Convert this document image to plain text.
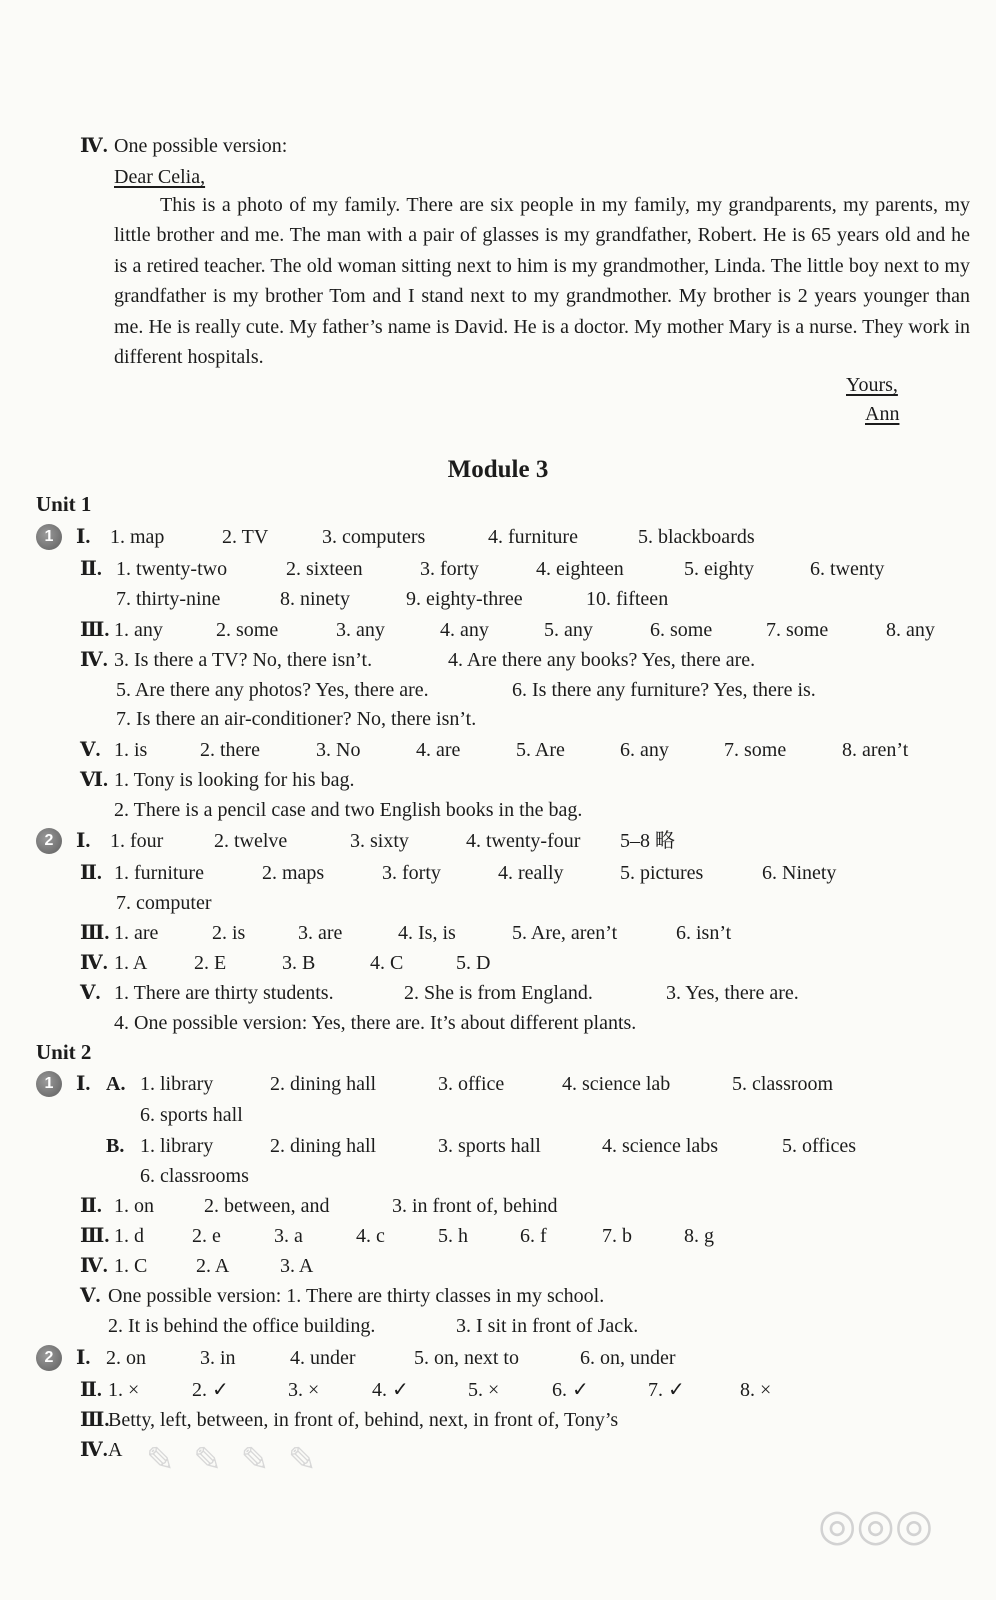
Ⅳ. One possible version:
Dear Celia,
This is a photo of my family. There are six people in my family, my grandparents, my parents, my little brother and me. The man with a pair of glasses is my grandfather, Robert. He is 65 years old and he is a retired teacher. The old woman sitting next to him is my grandmother, Linda. The little boy next to my grandfather is my brother Tom and I stand next to my grandmother. My brother is 2 years younger than me. He is really cute. My father’s name is David. He is a doctor. My mother Mary is a nurse. They work in different hospitals.
Yours,
Ann
Module 3
Unit 1
1	Ⅰ. 1. map	2. TV	3. computers	4. furniture	5. blackboards
Ⅱ. 1. twenty-two	2. sixteen	3. forty	4. eighteen	5. eighty	6. twenty
7. thirty-nine	8. ninety	9. eighty-three	10. fifteen
Ⅲ. 1. any	2. some	3. any	4. any	5. any	6. some	7. some	8. any
Ⅳ. 3. Is there a TV? No, there isn’t.	4. Are there any books? Yes, there are.
5. Are there any photos? Yes, there are.	6. Is there any furniture? Yes, there is.
7. Is there an air-conditioner? No, there isn’t.
Ⅴ. 1. is	2. there	3. No	4. are	5. Are	6. any	7. some	8. aren’t
Ⅵ. 1. Tony is looking for his bag.
2. There is a pencil case and two English books in the bag.
2	Ⅰ. 1. four	2. twelve	3. sixty	4. twenty-four 5–8 略
Ⅱ. 1. furniture	2. maps	3. forty	4. really	5. pictures	6. Ninety
7. computer
Ⅲ. 1. are	2. is	3. are	4. Is, is	5. Are, aren’t	6. isn’t
Ⅳ. 1. A 2. E	3. B	4. C	5. D
Ⅴ. 1. There are thirty students.	2. She is from England.	3. Yes, there are.
4. One possible version: Yes, there are. It’s about different plants.
Unit 2
1	Ⅰ. A. 1. library	2. dining hall	3. office	4. science lab	5. classroom
6. sports hall
B. 1. library	2. dining hall	3. sports hall	4. science labs	5. offices
6. classrooms
Ⅱ. 1. on	2. between, and	3. in front of, behind
Ⅲ. 1. d 2. e	3. a	4. c	5. h	6. f	7. b	8. g
Ⅳ. 1. C 2. A	3. A
Ⅴ. One possible version: 1. There are thirty classes in my school.
2. It is behind the office building.	3. I sit in front of Jack.
2	Ⅰ. 2. on	3. in	4. under	5. on, next to	6. on, under
Ⅱ. 1. ×	2. ✓	3. ×	4. ✓	5. ×	6. ✓	7. ✓	8. ×
Ⅲ.
Betty, left, between, in front of, behind, next, in front of, Tony’s
Ⅳ. A ✎ ✎ ✎ ✎
◎◎◎
